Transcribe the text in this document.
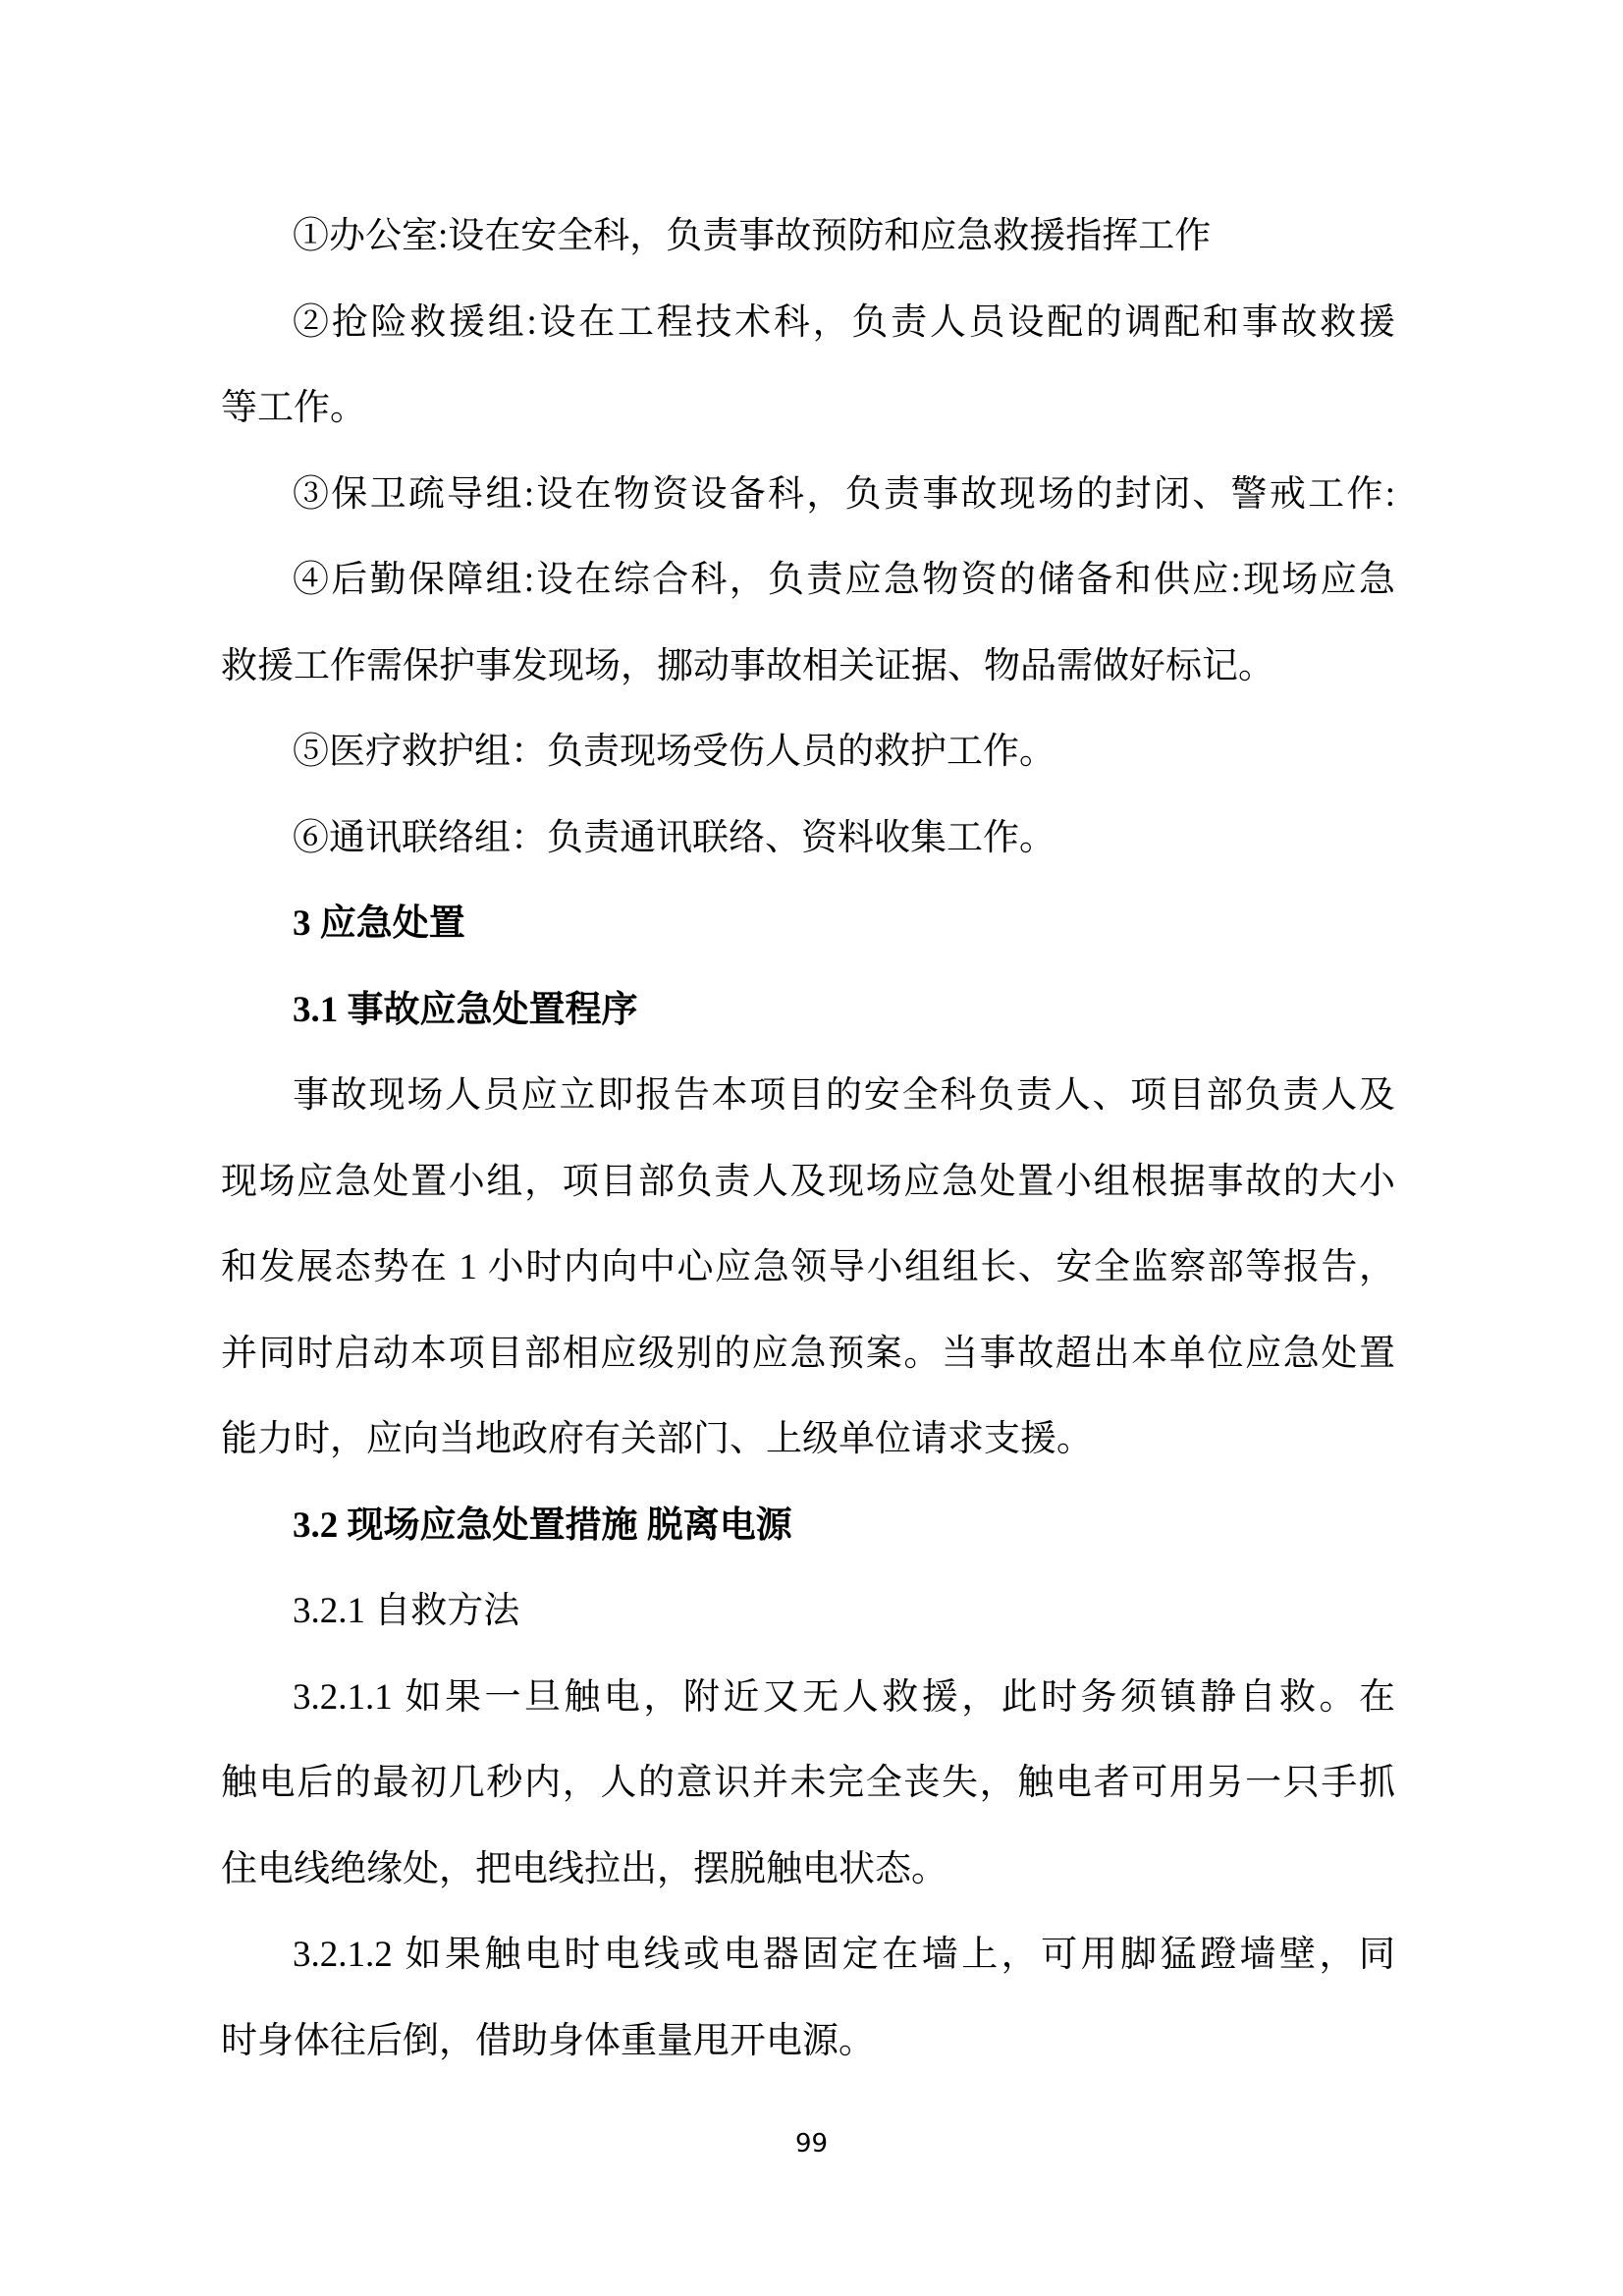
①办公室:设在安全科，负责事故预防和应急救援指挥工作
②抢险救援组:设在工程技术科，负责人员设配的调配和事故救援
等工作。
③保卫疏导组:设在物资设备科，负责事故现场的封闭、警戒工作:
④后勤保障组:设在综合科，负责应急物资的储备和供应:现场应急
救援工作需保护事发现场，挪动事故相关证据、物品需做好标记。
⑤医疗救护组：负责现场受伤人员的救护工作。
⑥通讯联络组：负责通讯联络、资料收集工作。
3 应急处置
3.1 事故应急处置程序
事故现场人员应立即报告本项目的安全科负责人、项目部负责人及
现场应急处置小组，项目部负责人及现场应急处置小组根据事故的大小
和发展态势在 1 小时内向中心应急领导小组组长、安全监察部等报告，
并同时启动本项目部相应级别的应急预案。当事故超出本单位应急处置
能力时，应向当地政府有关部门、上级单位请求支援。
3.2 现场应急处置措施 脱离电源
3.2.1 自救方法
3.2.1.1 如果一旦触电，附近又无人救援，此时务须镇静自救。在
触电后的最初几秒内，人的意识并未完全丧失，触电者可用另一只手抓
住电线绝缘处，把电线拉出，摆脱触电状态。
3.2.1.2 如果触电时电线或电器固定在墙上，可用脚猛蹬墙壁，同
时身体往后倒，借助身体重量甩开电源。
99
